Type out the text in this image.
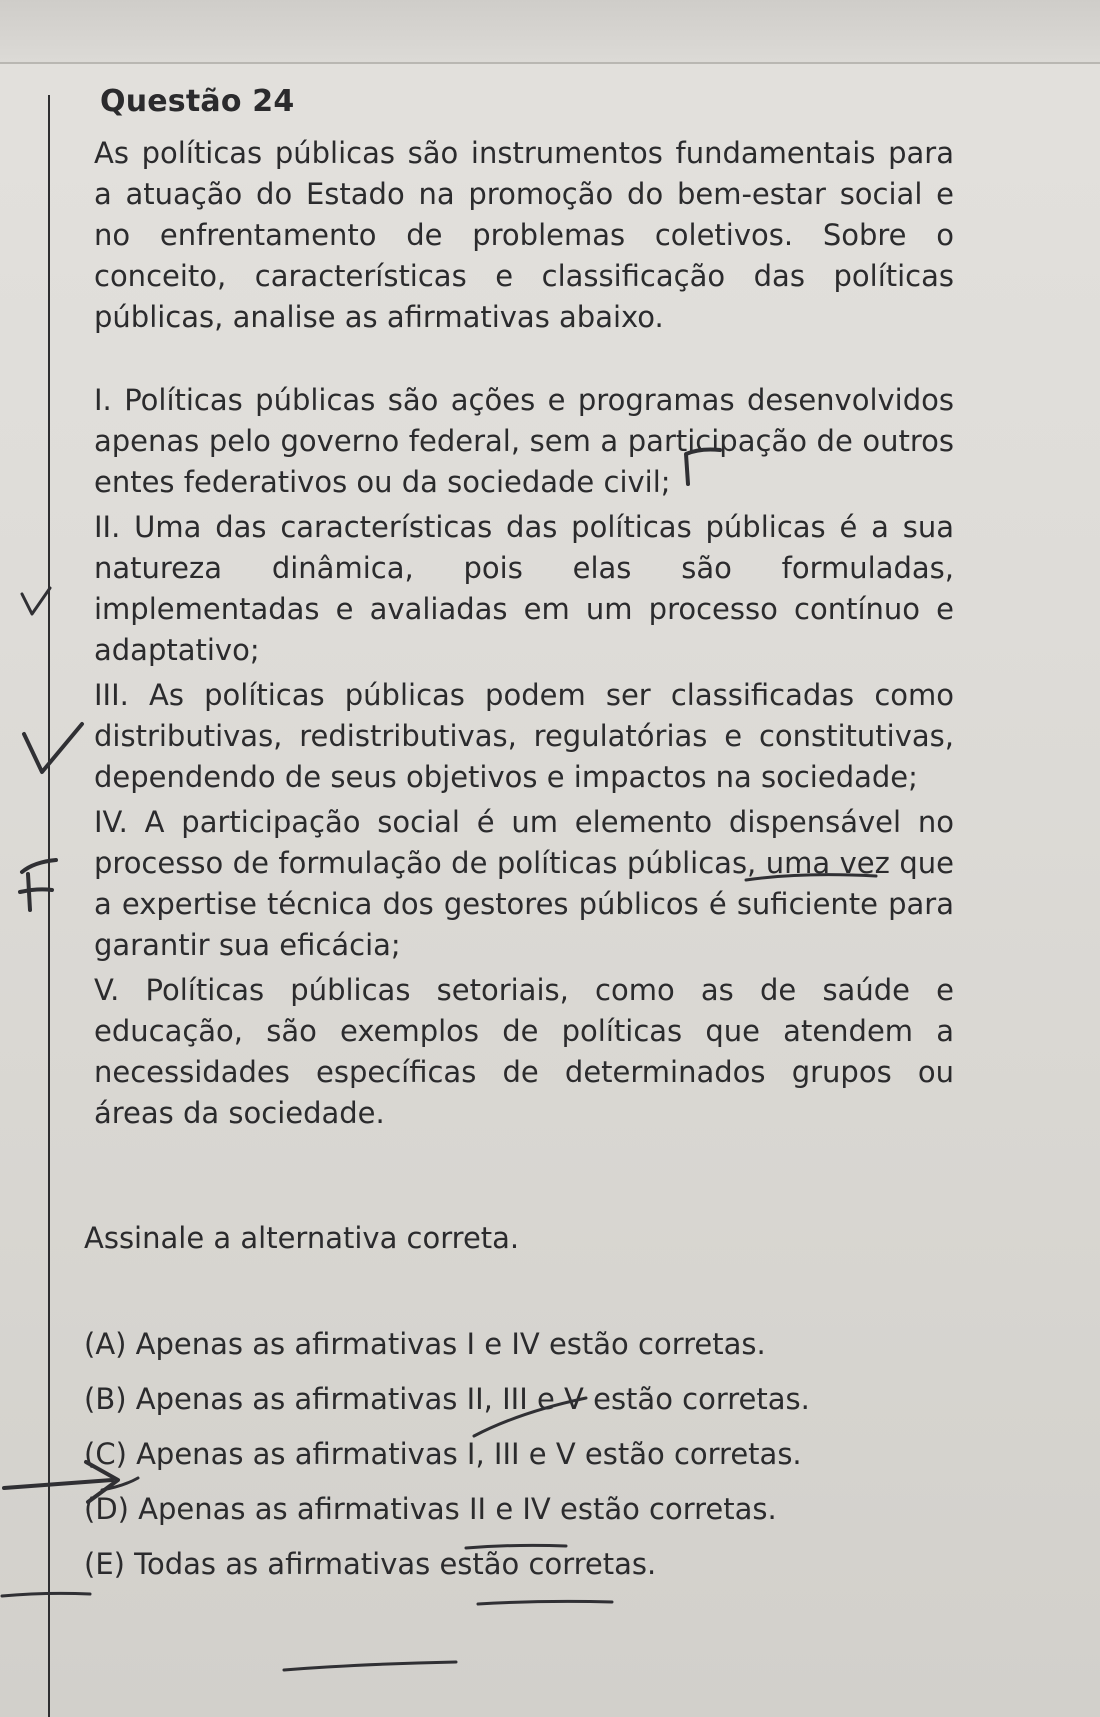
Questão 24
As políticas públicas são instrumentos fundamentais para a atuação do Estado na promoção do bem-estar social e no enfrentamento de problemas coletivos. Sobre o conceito, características e classificação das políticas públicas, analise as afirmativas abaixo.
I. Políticas públicas são ações e programas desenvolvidos apenas pelo governo federal, sem a participação de outros entes federativos ou da sociedade civil;
II. Uma das características das políticas públicas é a sua natureza dinâmica, pois elas são formuladas, implementadas e avaliadas em um processo contínuo e adaptativo;
III. As políticas públicas podem ser classificadas como distributivas, redistributivas, regulatórias e constitutivas, dependendo de seus objetivos e impactos na sociedade;
IV. A participação social é um elemento dispensável no processo de formulação de políticas públicas, uma vez que a expertise técnica dos gestores públicos é suficiente para garantir sua eficácia;
V. Políticas públicas setoriais, como as de saúde e educação, são exemplos de políticas que atendem a necessidades específicas de determinados grupos ou áreas da sociedade.
Assinale a alternativa correta.
(A) Apenas as afirmativas I e IV estão corretas.
(B) Apenas as afirmativas II, III e V estão corretas.
(C) Apenas as afirmativas I, III e V estão corretas.
(D) Apenas as afirmativas II e IV estão corretas.
(E) Todas as afirmativas estão corretas.
